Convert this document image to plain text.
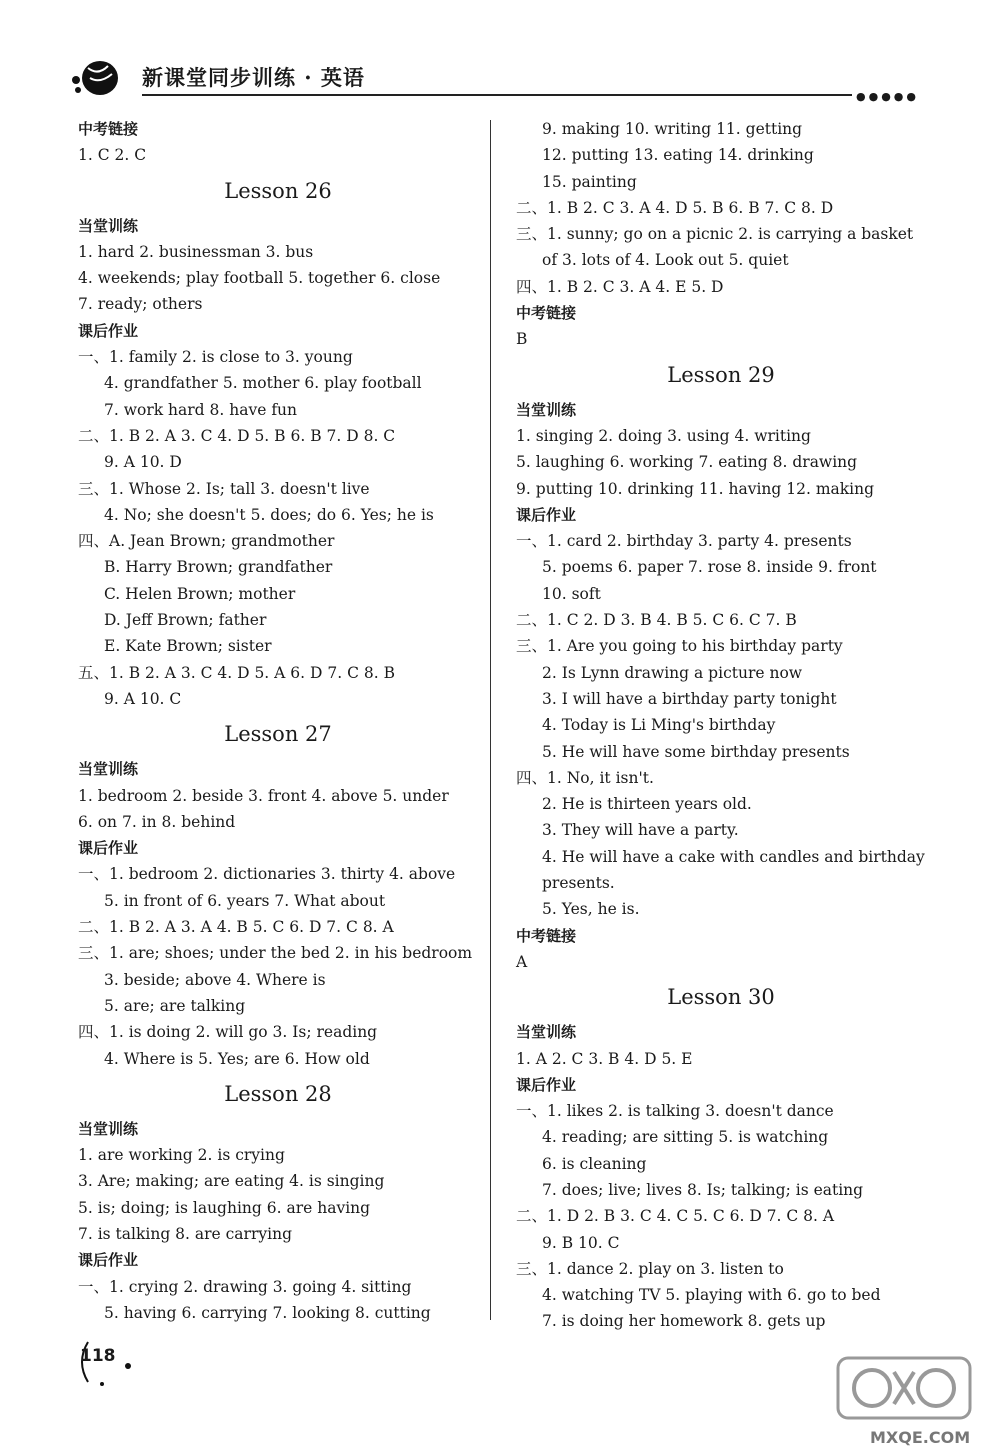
新课堂同步训练 · 英语
●●●●●
中考链接
1. C 2. C
Lesson 26
当堂训练
1. hard 2. businessman 3. bus
4. weekends; play football 5. together 6. close
7. ready; others
课后作业
一、1. family 2. is close to 3. young
4. grandfather 5. mother 6. play football
7. work hard 8. have fun
二、1. B 2. A 3. C 4. D 5. B 6. B 7. D 8. C
9. A 10. D
三、1. Whose 2. Is; tall 3. doesn't live
4. No; she doesn't 5. does; do 6. Yes; he is
四、A. Jean Brown; grandmother
B. Harry Brown; grandfather
C. Helen Brown; mother
D. Jeff Brown; father
E. Kate Brown; sister
五、1. B 2. A 3. C 4. D 5. A 6. D 7. C 8. B
9. A 10. C
Lesson 27
当堂训练
1. bedroom 2. beside 3. front 4. above 5. under
6. on 7. in 8. behind
课后作业
一、1. bedroom 2. dictionaries 3. thirty 4. above
5. in front of 6. years 7. What about
二、1. B 2. A 3. A 4. B 5. C 6. D 7. C 8. A
三、1. are; shoes; under the bed 2. in his bedroom
3. beside; above 4. Where is
5. are; are talking
四、1. is doing 2. will go 3. Is; reading
4. Where is 5. Yes; are 6. How old
Lesson 28
当堂训练
1. are working 2. is crying
3. Are; making; are eating 4. is singing
5. is; doing; is laughing 6. are having
7. is talking 8. are carrying
课后作业
一、1. crying 2. drawing 3. going 4. sitting
5. having 6. carrying 7. looking 8. cutting
9. making 10. writing 11. getting
12. putting 13. eating 14. drinking
15. painting
二、1. B 2. C 3. A 4. D 5. B 6. B 7. C 8. D
三、1. sunny; go on a picnic 2. is carrying a basket
of 3. lots of 4. Look out 5. quiet
四、1. B 2. C 3. A 4. E 5. D
中考链接
B
Lesson 29
当堂训练
1. singing 2. doing 3. using 4. writing
5. laughing 6. working 7. eating 8. drawing
9. putting 10. drinking 11. having 12. making
课后作业
一、1. card 2. birthday 3. party 4. presents
5. poems 6. paper 7. rose 8. inside 9. front
10. soft
二、1. C 2. D 3. B 4. B 5. C 6. C 7. B
三、1. Are you going to his birthday party
2. Is Lynn drawing a picture now
3. I will have a birthday party tonight
4. Today is Li Ming's birthday
5. He will have some birthday presents
四、1. No, it isn't.
2. He is thirteen years old.
3. They will have a party.
4. He will have a cake with candles and birthday
presents.
5. Yes, he is.
中考链接
A
Lesson 30
当堂训练
1. A 2. C 3. B 4. D 5. E
课后作业
一、1. likes 2. is talking 3. doesn't dance
4. reading; are sitting 5. is watching
6. is cleaning
7. does; live; lives 8. Is; talking; is eating
二、1. D 2. B 3. C 4. C 5. C 6. D 7. C 8. A
9. B 10. C
三、1. dance 2. play on 3. listen to
4. watching TV 5. playing with 6. go to bed
7. is doing her homework 8. gets up
118
MXQE.COM
